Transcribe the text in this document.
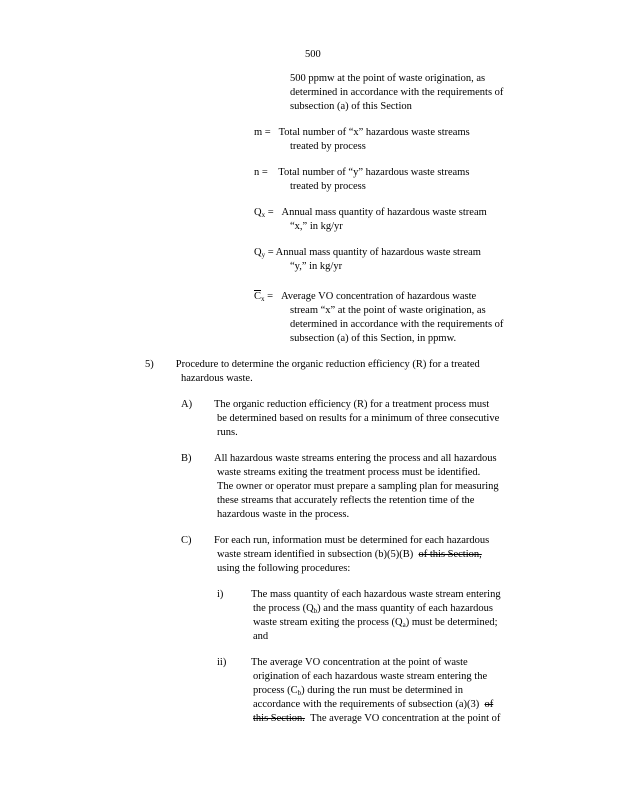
500

500 ppmw at the point of waste origination, as

determined in accordance with the requirements of

subsection (a) of this Section

m = Total number of “x” hazardous waste streams

treated by process

n = Total number of “y” hazardous waste streams

treated by process

$Q_x$ = Annual mass quantity of hazardous waste stream

“x,” in kg/yr

$Q_y$ = Annual mass quantity of hazardous waste stream

“y,” in kg/yr

$\overline{C}_x$ = Average VO concentration of hazardous waste

stream “x” at the point of waste origination, as

determined in accordance with the requirements of

subsection (a) of this Section, in ppmw.

5) Procedure to determine the organic reduction efficiency (R) for a treated

hazardous waste.

A) The organic reduction efficiency (R) for a treatment process must

be determined based on results for a minimum of three consecutive

runs.

B) All hazardous waste streams entering the process and all hazardous

waste streams exiting the treatment process must be identified.

The owner or operator must prepare a sampling plan for measuring

these streams that accurately reflects the retention time of the

hazardous waste in the process.

C) For each run, information must be determined for each hazardous

waste stream identified in subsection (b)(5)(B) of this Section,

using the following procedures:

i)	The mass quantity of each hazardous waste stream entering

the process $(Q_b)$ and the mass quantity of each hazardous

waste stream exiting the process $(Q_a)$ must be determined;

and

ii) The average VO concentration at the point of waste

origination of each hazardous waste stream entering the

process $(C_b)$ during the run must be determined in

accordance with the requirements of subsection (a)(3) of

this Section. The average VO concentration at the point of
